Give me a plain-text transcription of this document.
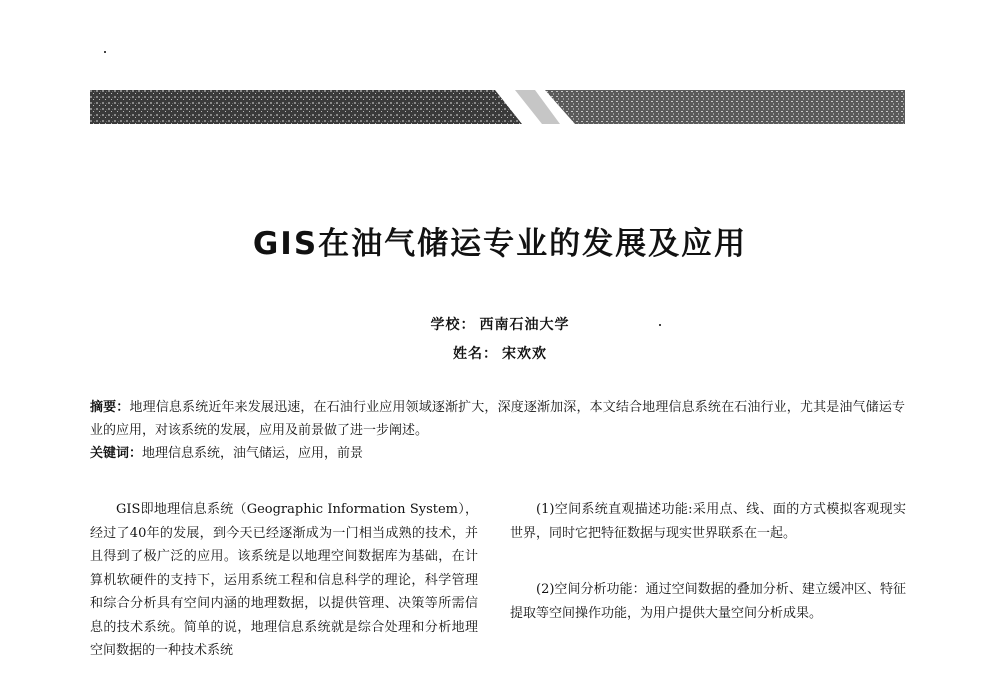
GIS在油气储运专业的发展及应用
学校： 西南石油大学
姓名： 宋欢欢
摘要：地理信息系统近年来发展迅速，在石油行业应用领域逐渐扩大，深度逐渐加深，本文结合地理信息系统在石油行业，尤其是油气储运专业的应用，对该系统的发展，应用及前景做了进一步阐述。
关键词：地理信息系统，油气储运，应用，前景

GIS即地理信息系统（Geographic Information System），经过了40年的发展，到今天已经逐渐成为一门相当成熟的技术，并且得到了极广泛的应用。该系统是以地理空间数据库为基础，在计算机软硬件的支持下，运用系统工程和信息科学的理论，科学管理和综合分析具有空间内涵的地理数据，以提供管理、决策等所需信息的技术系统。简单的说，地理信息系统就是综合处理和分析地理空间数据的一种技术系统

(1)空间系统直观描述功能:采用点、线、面的方式模拟客观现实世界，同时它把特征数据与现实世界联系在一起。

(2)空间分析功能：通过空间数据的叠加分析、建立缓冲区、特征提取等空间操作功能，为用户提供大量空间分析成果。
